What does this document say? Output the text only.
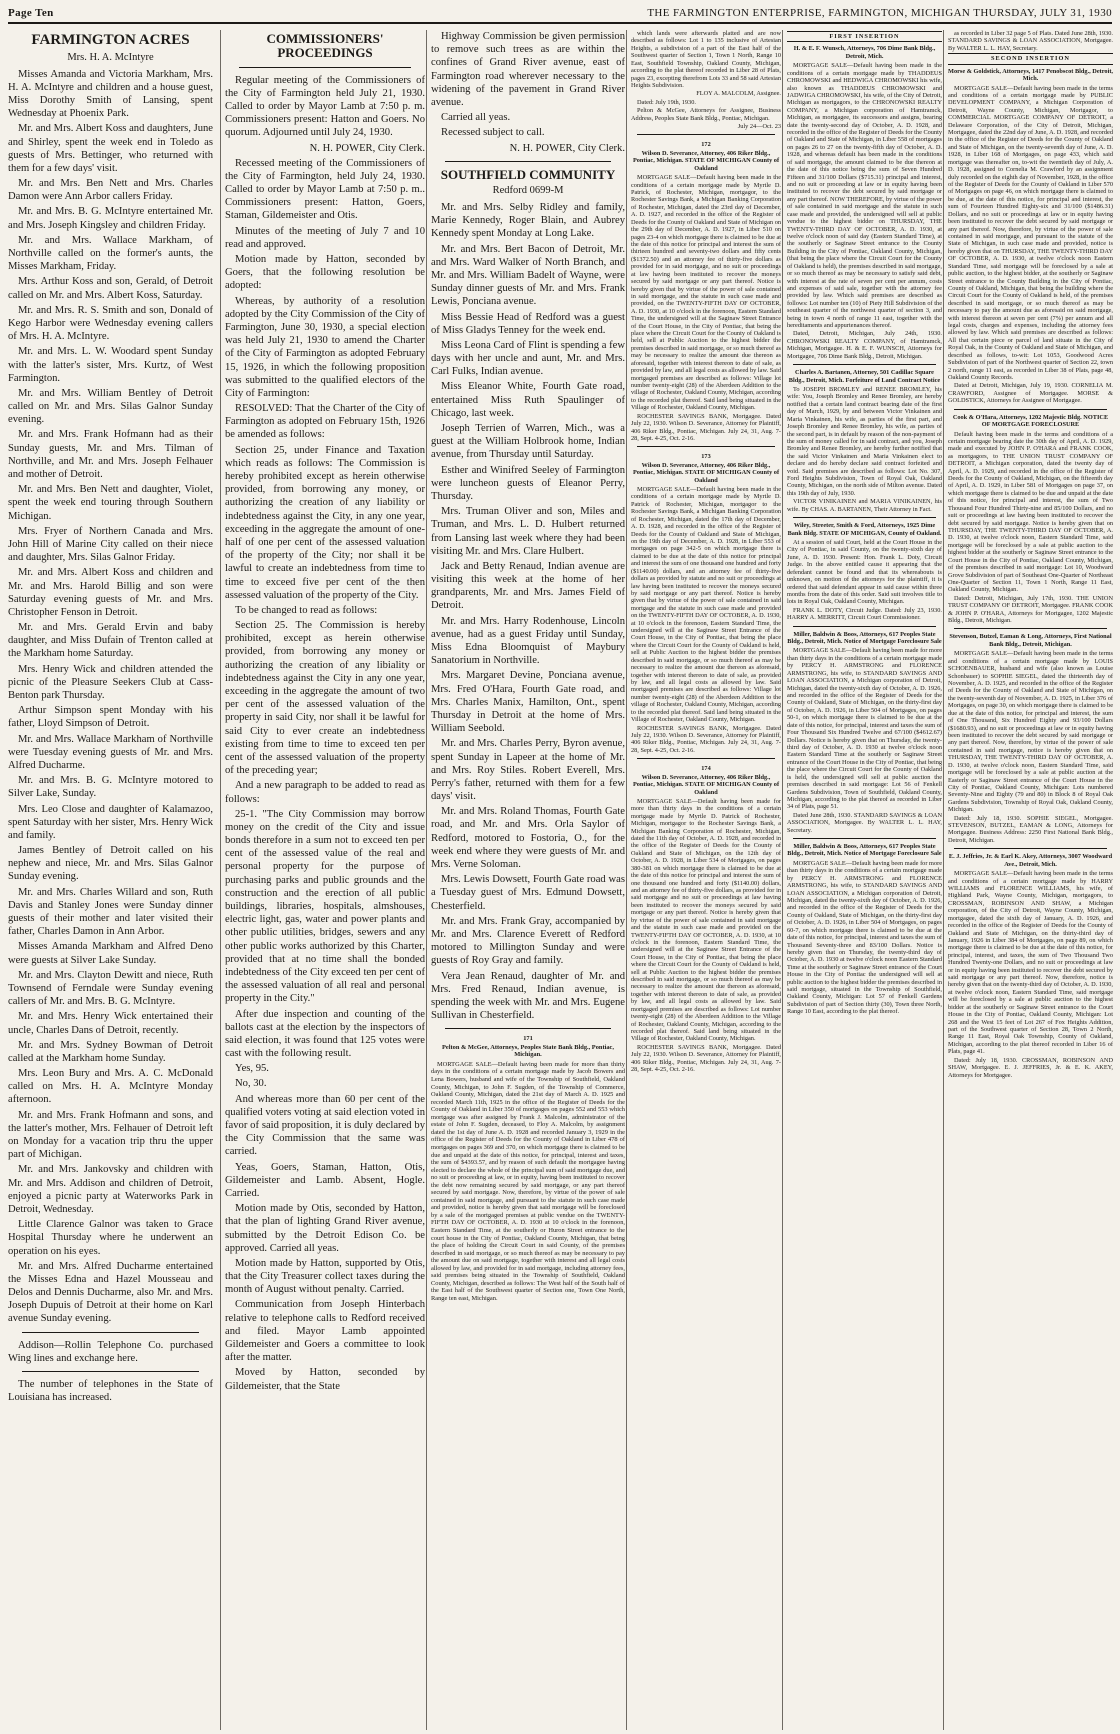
Page Ten	THE FARMINGTON ENTERPRISE, FARMINGTON, MICHIGAN THURSDAY, JULY 31, 1930
FARMINGTON ACRES
Mrs. H. A. McIntyre

Misses Amanda and Victoria Markham, Mrs. H. A. McIntyre and children and a house guest, Miss Dorothy Smith of Lansing, spent Wednesday at Phoenix Park.

Mr. and Mrs. Albert Koss and daughters, June and Shirley, spent the week end in Toledo as guests of Mrs. Bettinger, who returned with them for a few days' visit.

Mr. and Mrs. Ben Nett and Mrs. Charles Damon were Ann Arbor callers Friday.

Mr. and Mrs. B. G. McIntyre entertained Mr. and Mrs. Joseph Kingsley and children Friday.

Mr. and Mrs. Wallace Markham, of Northville called on the former's aunts, the Misses Markham, Friday.

Mrs. Arthur Koss and son, Gerald, of Detroit called on Mr. and Mrs. Albert Koss, Saturday.

Mr. and Mrs. R. S. Smith and son, Donald of Kego Harbor were Wednesday evening callers of Mrs. H. A. McIntyre.

Mr. and Mrs. L. W. Woodard spent Sunday with the latter's sister, Mrs. Kurtz, of West Farmington.

Mr. and Mrs. William Bentley of Detroit called on Mr. and Mrs. Silas Galnor Sunday evening.

Mr. and Mrs. Frank Hofmann had as their Sunday guests, Mr. and Mrs. Tilman of Northville, and Mr. and Mrs. Joseph Felhauer and mother of Detroit.

Mr. and Mrs. Ben Nett and daughter, Violet, spent the week end touring through Southern Michigan.

Mrs. Fryer of Northern Canada and Mrs. John Hill of Marine City called on their niece and daughter, Mrs. Silas Galnor Friday.

Mr. and Mrs. Albert Koss and children and Mr. and Mrs. Harold Billig and son were Saturday evening guests of Mr. and Mrs. Christopher Fenson in Detroit.

Mr. and Mrs. Gerald Ervin and baby daughter, and Miss Dufain of Trenton called at the Markham home Saturday.

Mrs. Henry Wick and children attended the picnic of the Pleasure Seekers Club at Cass-Benton park Thursday.

Arthur Simpson spent Monday with his father, Lloyd Simpson of Detroit.

Mr. and Mrs. Wallace Markham of Northville were Tuesday evening guests of Mr. and Mrs. Alfred Ducharme.

Mr. and Mrs. B. G. McIntyre motored to Silver Lake, Sunday.

Mrs. Leo Close and daughter of Kalamazoo, spent Saturday with her sister, Mrs. Henry Wick and family.

James Bentley of Detroit called on his nephew and niece, Mr. and Mrs. Silas Galnor Sunday evening.

Mr. and Mrs. Charles Willard and son, Ruth Davis and Stanley Jones were Sunday dinner guests of their mother and later visited their father, Charles Damon in Ann Arbor.

Misses Amanda Markham and Alfred Deno were guests at Silver Lake Sunday.

Mr. and Mrs. Clayton Dewitt and niece, Ruth Townsend of Ferndale were Sunday evening callers of Mr. and Mrs. B. G. McIntyre.

Mr. and Mrs. Henry Wick entertained their uncle, Charles Dans of Detroit, recently.

Mr. and Mrs. Sydney Bowman of Detroit called at the Markham home Sunday.

Mrs. Leon Bury and Mrs. A. C. McDonald called on Mrs. H. A. McIntyre Monday afternoon.

Mr. and Mrs. Frank Hofmann and sons, and the latter's mother, Mrs. Felhauer of Detroit left on Monday for a vacation trip thru the upper part of Michigan.

Mr. and Mrs. Jankovsky and children with Mr. and Mrs. Addison and children of Detroit, enjoyed a picnic party at Waterworks Park in Detroit, Wednesday.

Little Clarence Galnor was taken to Grace Hospital Thursday where he underwent an operation on his eyes.

Mr. and Mrs. Alfred Ducharme entertained the Misses Edna and Hazel Mousseau and Delos and Dennis Ducharme, also Mr. and Mrs. Joseph Dupuis of Detroit at their home on Karl avenue Sunday evening.

Addison—Rollin Telephone Co. purchased Wing lines and exchange here.

The number of telephones in the State of Louisiana has increased.

COMMISSIONERS' PROCEEDINGS

Regular meeting of the Commissioners of the City of Farmington held July 21, 1930. Called to order by Mayor Lamb at 7:50 p. m. Commissioners present: Hatton and Goers. No quorum. Adjourned until July 24, 1930.

N. H. POWER, City Clerk.

Recessed meeting of the Commissioners of the City of Farmington, held July 24, 1930. Called to order by Mayor Lamb at 7:50 p. m.. Commissioners present: Hatton, Goers, Staman, Gildemeister and Otis.

Minutes of the meeting of July 7 and 10 read and approved.

Motion made by Hatton, seconded by Goers, that the following resolution be adopted:

Whereas, by authority of a resolution adopted by the City Commission of the City of Farmington, June 30, 1930, a special election was held July 21, 1930 to amend the Charter of the City of Farmington as adopted February 15, 1926, in which the following proposition was submitted to the qualified electors of the City of Farmington:

RESOLVED: That the Charter of the City of Farmington as adopted on February 15th, 1926 be amended as follows:

Section 25, under Finance and Taxation which reads as follows: The Commission is hereby prohibited except as herein otherwise provided, from borrowing any money, or authorizing the creation of any liability or indebtedness against the City, in any one year, exceeding in the aggregate the amount of one-half of one per cent of the assessed valuation of the property of the City; nor shall it be lawful to create an indebtedness from time to time to exceed five per cent of the then assessed valuation of the property of the City.

To be changed to read as follows:

Section 25. The Commission is hereby prohibited, except as herein otherwise provided, from borrowing any money or authorizing the creation of any libiality or indebtedness against the City in any one year, exceeding in the aggregate the amount of two per cent of the assessed valuation of the property in said City, nor shall it be lawful for said City to ever create an indebtedness existing from time to time to exceed ten per cent of the assessed valuation of the property of the preceding year;

And a new paragraph to be added to read as follows:

25-1. "The City Commission may borrow money on the credit of the City and issue bonds therefore in a sum not to exceed ten per cent of the assessed value of the real and personal property for the purpose of purchasing parks and public grounds and the construction and the erection of all public buildings, libraries, hospitals, almshouses, electric light, gas, water and power plants and other public utilities, bridges, sewers and any other public works authorized by this Charter, provided that at no time shall the bonded indebtedness of the City exceed ten per cent of the assessed valuation of all real and personal property in the City."

After due inspection and counting of the ballots cast at the election by the inspectors of said election, it was found that 125 votes were cast with the following result.

Yes, 95.

No, 30.

And whereas more than 60 per cent of the qualified voters voting at said election voted in favor of said proposition, it is duly declared by the City Commission that the same was carried.

Yeas, Goers, Staman, Hatton, Otis, Gildemeister and Lamb. Absent, Hogle. Carried.

Motion made by Otis, seconded by Hatton, that the plan of lighting Grand River avenue, submitted by the Detroit Edison Co. be approved. Carried all yeas.

Motion made by Hatton, supported by Otis, that the City Treasurer collect taxes during the month of August without penalty. Carried.

Communication from Joseph Hinterbach relative to telephone calls to Redford received and filed. Mayor Lamb appointed Gildemeister and Goers a committee to look after the matter.

Moved by Hatton, seconded by Gildemeister, that the State

Highway Commission be given permission to remove such trees as are within the confines of Grand River avenue, east of Farmington road wherever necessary to the widening of the pavement in Grand River avenue.

Carried all yeas.

Recessed subject to call.

N. H. POWER, City Clerk.

SOUTHFIELD COMMUNITY
Redford 0699-M

Mr. and Mrs. Selby Ridley and family, Marie Kennedy, Roger Blain, and Aubrey Kennedy spent Monday at Long Lake.

Mr. and Mrs. Bert Bacon of Detroit, Mr. and Mrs. Ward Walker of North Branch, and Mr. and Mrs. William Badelt of Wayne, were Sunday dinner guests of Mr. and Mrs. Frank Lewis, Ponciana avenue.

Miss Bessie Head of Redford was a guest of Miss Gladys Tenney for the week end.

Miss Leona Card of Flint is spending a few days with her uncle and aunt, Mr. and Mrs. Carl Fulks, Indian avenue.

Miss Eleanor White, Fourth Gate road, entertained Miss Ruth Spaulinger of Chicago, last week.

Joseph Terrien of Warren, Mich., was a guest at the William Holbrook home, Indian avenue, from Thursday until Saturday.

Esther and Winifred Seeley of Farmington were luncheon guests of Eleanor Perry, Thursday.

Mrs. Truman Oliver and son, Miles and Truman, and Mrs. L. D. Hulbert returned from Lansing last week where they had been visiting Mr. and Mrs. Clare Hulbert.

Jack and Betty Renaud, Indian avenue are visiting this week at the home of her grandparents, Mr. and Mrs. James Field of Detroit.

Mr. and Mrs. Harry Rodenhouse, Lincoln avenue, had as a guest Friday until Sunday, Miss Edna Bloomquist of Maybury Sanatorium in Northville.

Mrs. Margaret Devine, Ponciana avenue, Mrs. Fred O'Hara, Fourth Gate road, and Mrs. Charles Manix, Hamilton, Ont., spent Thursday in Detroit at the home of Mrs. William Seebold.

Mr. and Mrs. Charles Perry, Byron avenue, spent Sunday in Lapeer at the home of Mr. and Mrs. Roy Stiles. Robert Everell, Mrs. Perry's father, returned with them for a few days' visit.

Mr. and Mrs. Roland Thomas, Fourth Gate road, and Mr. and Mrs. Orla Saylor of Redford, motored to Fostoria, O., for the week end where they were guests of Mr. and Mrs. Verne Soloman.

Mrs. Lewis Dowsett, Fourth Gate road was a Tuesday guest of Mrs. Edmund Dowsett, Chesterfield.

Mr. and Mrs. Frank Gray, accompanied by Mr. and Mrs. Clarence Everett of Redford motored to Millington Sunday and were guests of Roy Gray and family.

Vera Jean Renaud, daughter of Mr. and Mrs. Fred Renaud, Indian avenue, is spending the week with Mr. and Mrs. Eugene Sullivan in Chesterfield.

171
Pelton & McGee, Attorneys, Peoples State Bank Bldg., Pontiac, Michigan.

MORTGAGE SALE—Default having been made for more than thirty days in the conditions of a certain mortgage made by Jacob Bowers and Lena Bowers, husband and wife of the Township of Southfield, Oakland County, Michigan, to John F. Sugden, of the Township of Commerce, Oakland County, Michigan, dated the 21st day of March A. D. 1925 and recorded March 11th, 1925 in the office of the Register of Deeds for the County of Oakland in Liber 350 of mortgages on pages 552 and 553 which mortgage was after assigned by Frank J. Malcolm, administrator of the estate of John F. Sugden, deceased, to Floy A. Malcolm, by assignment dated the 1st day of June A. D. 1928 and recorded January 3, 1929 in the office of the Register of Deeds for the County of Oakland in Liber 478 of mortgages on pages 369 and 370, on which mortgage there is claimed to be due and unpaid at the date of this notice, for principal, interest and taxes, the sum of $4393.57, and by reason of such default the mortgagee having elected to declare the whole of the principal sum of said mortgage due, and no suit or proceeding at law, or in equity, having been instituted to recover the debt now remaining secured by said mortgage, or any part thereof secured by said mortgage. Now, therefore, by virtue of the power of sale contained in said mortgage, and pursuant to the statute in such case made and provided, notice is hereby given that said mortgage will be foreclosed by a sale of the mortgaged premises at public vendue on the TWENTY-FIFTH DAY OF OCTOBER, A. D. 1930 at 10 o'clock in the forenoon, Eastern Standard Time, at the southerly or Huron Street entrance to the court house in the City of Pontiac, Oakland County, Michigan, that being the place of holding the Circuit Court in said County, of the premises described in said mortgage, or so much thereof as may be necessary to pay the amount due on said mortgage, together with interest and all legal costs allowed by law, and provided for in said mortgage, including attorney fees, said premises being situated in the Township of Southfield, Oakland County, Michigan, described as follows: The West half of the South half of the East half of the Southwest quarter of Section one, Town One North, Range ten east, Michigan.

which lands were afterwards platted and are now described as follows: Lot 1 to 135 inclusive of Artesian Heights, a subdivision of a part of the East half of the Southwest quarter of Section 1, Town 1 North, Range 10 East, Southfield Township, Oakland County, Michigan, according to the plat thereof recorded in Liber 28 of Plats, pages 23, excepting therefrom Lots 33 and 58 said Artesian Heights Subdivision.

FLOY A. MALCOLM, Assignee.

Dated: July 19th, 1930.

Pelton & McGee, Attorneys for Assignee, Business Address, Peoples State Bank Bldg., Pontiac, Michigan.

July 24—Oct. 23

172
Wilson D. Severance, Attorney, 406 Riker Bldg., Pontiac, Michigan. STATE OF MICHIGAN County of Oakland

MORTGAGE SALE—Default having been made in the conditions of a certain mortgage made by Myrtle D. Patrick, of Rochester, Michigan, mortgagor, to the Rochester Savings Bank, a Michigan Banking Corporation of Rochester, Michigan, dated the 23rd day of December, A. D. 1927, and recorded in the office of the Register of Deeds for the County of Oakland and State of Michigan on the 29th day of December, A. D. 1927, in Liber 510 on pages 23-4 on which mortgage there is claimed to be due at the date of this notice for principal and interest the sum of thirteen hundred and seventy-two dollars and fifty cents ($1372.50) and an attorney fee of thirty-five dollars as provided for in said mortgage, and no suit or proceedings at law having been instituted to recover the moneys secured by said mortgage or any part thereof. Notice is hereby given that by virtue of the power of sale contained in said mortgage, and the statute in such case made and provided, on the TWENTY-FIFTH DAY OF OCTOBER, A. D. 1930, at 10 o'clock in the forenoon, Eastern Standard Time, the undersigned will at the Saginaw Street Entrance of the Court House, in the City of Pontiac, that being the place where the Circuit Court for the County of Oakland is held, sell at Public Auction to the highest bidder the premises described in said mortgage, or so much thereof as may be necessary to realize the amount due thereon as aforesaid, together with interest thereon to date of sale, as provided by law, and all legal costs as allowed by law. Said mortgaged premises are described as follows: Village lot number twenty-eight (28) of the Aberdeen Addition to the village of Rochester, Oakland County, Michigan, according to the recorded plat thereof. Said land being situated in the Village of Rochester, Oakland County, Michigan.

ROCHESTER SAVINGS BANK, Mortgagee. Dated July 22, 1930. Wilson D. Severance, Attorney for Plaintiff, 406 Riker Bldg., Pontiac, Michigan. July 24, 31, Aug. 7-28, Sept. 4-25, Oct. 2-16.

173
Wilson D. Severance, Attorney, 406 Riker Bldg., Pontiac, Michigan. STATE OF MICHIGAN County of Oakland

MORTGAGE SALE—Default having been made in the conditions of a certain mortgage made by Myrtle D. Patrick of Rochester, Michigan, mortgagor to the Rochester Savings Bank, a Michigan Banking Corporation of Rochester, Michigan, dated the 17th day of December, A. D. 1928, and recorded in the office of the Register of Deeds for the County of Oakland and State of Michigan, on the 19th day of December, A. D. 1928, in Liber 553 of mortgages on page 342-5 on which mortgage there is claimed to be due at the date of this notice for principal and interest the sum of one thousand one hundred and forty ($1140.00) dollars, and an attorney fee of thirty-five dollars as provided by statute and no suit or proceedings at law having been instituted to recover the moneys secured by said mortgage or any part thereof. Notice is hereby given that by virtue of the power of sale contained in said mortgage and the statute in such case made and provided on the TWENTY-FIFTH DAY OF OCTOBER, A. D. 1930, at 10 o'clock in the forenoon, Eastern Standard Time, the undersigned will at the Saginaw Street Entrance of the Court House, in the City of Pontiac, that being the place where the Circuit Court for the County of Oakland is held, sell at Public Auction to the highest bidder the premises described in said mortgage, or so much thereof as may be necessary to realize the amount due thereon as aforesaid, together with interest thereon to date of sale, as provided by law, and all legal costs as allowed by law. Said mortgaged premises are described as follows: Village lot number twenty-eight (28) of the Aberdeen Addition to the village of Rochester, Oakland County, Michigan, according to the recorded plat thereof. Said land being situated in the Village of Rochester, Oakland County, Michigan.

ROCHESTER SAVINGS BANK, Mortgagee. Dated July 22, 1930. Wilson D. Severance, Attorney for Plaintiff, 406 Riker Bldg., Pontiac, Michigan. July 24, 31, Aug. 7-28, Sept. 4-25, Oct. 2-16.

174
Wilson D. Severance, Attorney, 406 Riker Bldg., Pontiac, Michigan. STATE OF MICHIGAN County of Oakland

MORTGAGE SALE—Default having been made for more than thirty days in the conditions of a certain mortgage made by Myrtle D. Patrick of Rochester, Michigan, mortgagor to the Rochester Savings Bank, a Michigan Banking Corporation of Rochester, Michigan, dated the 11th day of October, A. D. 1928, and recorded in the office of the Register of Deeds for the County of Oakland and State of Michigan, on the 12th day of October, A. D. 1928, in Liber 534 of Mortgages, on pages 380-381 on which mortgage there is claimed to be due at the date of this notice for principal and interest the sum of one thousand one hundred and forty ($1140.00) dollars, and an attorney fee of thirty-five dollars, as provided for in said mortgage and no suit or proceedings at law having been instituted to recover the moneys secured by said mortgage or any part thereof. Notice is hereby given that by virtue of the power of sale contained in said mortgage and the statute in such case made and provided on the TWENTY-FIFTH DAY OF OCTOBER, A. D. 1930, at 10 o'clock in the forenoon, Eastern Standard Time, the undersigned will at the Saginaw Street Entrance of the Court House, in the City of Pontiac, that being the place where the Circuit Court for the County of Oakland is held, sell at Public Auction to the highest bidder the premises described in said mortgage, or so much thereof as may be necessary to realize the amount due thereon as aforesaid, together with interest thereon to date of sale, as provided by law, and all legal costs as allowed by law. Said mortgaged premises are described as follows: Lot number twenty-eight (28) of the Aberdeen Addition to the Village of Rochester, Oakland County, Michigan, according to the recorded plat thereof. Said land being situated in the Village of Rochester, Oakland County, Michigan.

ROCHESTER SAVINGS BANK, Mortgagee. Dated July 22, 1930. Wilson D. Severance, Attorney for Plaintiff, 406 Riker Bldg., Pontiac, Michigan. July 24, 31, Aug. 7-28, Sept. 4-25, Oct. 2-16.

FIRST INSERTION
H. & E. F. Wunsch, Attorneys, 706 Dime Bank Bldg., Detroit, Mich.

MORTGAGE SALE—Default having been made in the conditions of a certain mortgage made by THADDEUS CHROMOWSKI and HEDWIGA CHROMOWSKI his wife, also known as THADDEUS CHROMOWSKI and JADWIGA CHROMOWSKI, his wife, of the City of Detroit, Michigan as mortgagors, to the CHRONOWSKI REALTY COMPANY, a Michigan corporation of Hamtramck, Michigan, as mortgagee, its successors and assigns, bearing date the twenty-second day of October, A. D. 1928, and recorded in the office of the Register of Deeds for the County of Oakland and State of Michigan, in Liber 558 of mortgages on pages 26 to 27 on the twenty-fifth day of October, A. D. 1928, and whereas default has been made in the conditions of said mortgage, the amount claimed to be due thereon at the date of this notice being the sum of Seven Hundred Fifteen and 31/100 Dollars ($715.31) principal and interest, and no suit or proceeding at law or in equity having been instituted to recover the debt secured by said mortgage or any part thereof. NOW THEREFORE, by virtue of the power of sale contained in said mortgage and the statute in such case made and provided, the undersigned will sell at public vendue to the highest bidder on THURSDAY, THE TWENTY-THIRD DAY OF OCTOBER, A. D. 1930, at twelve o'clock noon of said day (Eastern Standard Time), at the southerly or Saginaw Street entrance to the County Building in the City of Pontiac, Oakland County, Michigan, (that being the place where the Circuit Court for the County of Oakland is held), the premises described in said mortgage, or so much thereof as may be necessary to satisfy said debt, with interest at the rate of seven per cent per annum, costs and expenses of said sale, together with the attorney fee provided by law. Which said premises are described as follows: Lot number ten (10) of Piety Hill Subdivision of the southeast quarter of the northwest quarter of section 3, and being in town 4 north of range 11 east, together with the hereditaments and appurtenances thereof.

Dated, Detroit, Michigan, July 24th, 1930. CHRONOWSKI REALTY COMPANY, of Hamtramck, Michigan, Mortgagee. H. & E. F. WUNSCH, Attorneys for Mortgagee, 706 Dime Bank Bldg., Detroit, Michigan.

Charles A. Bartanen, Attorney, 501 Cadillac Square Bldg., Detroit, Mich. Forfeiture of Land Contract Notice

To JOSEPH BROMLEY and RENEE BROMLEY, his wife: You, Joseph Bromley and Renee Bromley, are hereby notified that a certain land contract bearing date of the first day of March, 1929, by and between Victor Vinkainen and Maria Vinkainen, his wife, as parties of the first part, and Joseph Bromley and Renee Bromley, his wife, as parties of the second part, is in default by reason of the non-payment of the sum of money called for in said contract, and you, Joseph Bromley and Renee Bromley, are hereby further notified that the said Victor Vinkainen and Maria Vinkainen elect to declare and do hereby declare said contract forfeited and void. Said premises are described as follows: Lot No. 307, Ford Heights Subdivision, Town of Royal Oak, Oakland County, Michigan, on the north side of Milton avenue. Dated this 19th day of July, 1930.

VICTOR VINIKAINEN and MARIA VINIKAINEN, his wife. By CHAS. A. BARTANEN, Their Attorney in Fact.

Wiley, Streeter, Smith & Ford, Attorneys, 1925 Dime Bank Bldg. STATE OF MICHIGAN, County of Oakland.

At a session of said Court, held at the Court House in the City of Pontiac, in said County, on the twenty-sixth day of June, A. D. 1930. Present: Hon. Frank L. Doty, Circuit Judge. In the above entitled cause it appearing that the defendant cannot be found and that its whereabouts is unknown, on motion of the attorneys for the plaintiff, it is ordered that said defendant appear in said cause within three months from the date of this order. Said suit involves title to lots in Royal Oak, Oakland County, Michigan.

FRANK L. DOTY, Circuit Judge. Dated: July 23, 1930. HARRY A. MERRITT, Circuit Court Commissioner.

Miller, Baldwin & Boos, Attorneys, 617 Peoples State Bldg., Detroit, Mich. Notice of Mortgage Foreclosure Sale

MORTGAGE SALE—Default having been made for more than thirty days in the conditions of a certain mortgage made by PERCY H. ARMSTRONG and FLORENCE ARMSTRONG, his wife, to STANDARD SAVINGS AND LOAN ASSOCIATION, a Michigan corporation of Detroit, Michigan, dated the twenty-sixth day of October, A. D. 1926, and recorded in the office of the Register of Deeds for the County of Oakland, State of Michigan, on the thirty-first day of October, A. D. 1926, in Liber 504 of Mortgages, on pages 50-1, on which mortgage there is claimed to be due at the date of this notice, for principal, interest and taxes the sum of Four Thousand Six Hundred Twelve and 67/100 ($4612.67) Dollars. Notice is hereby given that on Thursday, the twenty-third day of October, A. D. 1930 at twelve o'clock noon Eastern Standard Time at the southerly or Saginaw Street entrance of the Court House in the City of Pontiac, that being the place where the Circuit Court for the County of Oakland is held, the undersigned will sell at public auction the premises described in said mortgage: Lot 56 of Fenkell Gardens Subdivision, Town of Southfield, Oakland County, Michigan, according to the plat thereof as recorded in Liber 34 of Plats, page 51.

Dated June 28th, 1930. STANDARD SAVINGS & LOAN ASSOCIATION, Mortgagee. By WALTER L. L. HAY, Secretary.

Miller, Baldwin & Boos, Attorneys, 617 Peoples State Bldg., Detroit, Mich. Notice of Mortgage Foreclosure Sale

MORTGAGE SALE—Default having been made for more than thirty days in the conditions of a certain mortgage made by PERCY H. ARMSTRONG and FLORENCE ARMSTRONG, his wife, to STANDARD SAVINGS AND LOAN ASSOCIATION, a Michigan corporation of Detroit, Michigan, dated the twenty-sixth day of October, A. D. 1926, and recorded in the office of the Register of Deeds for the County of Oakland, State of Michigan, on the thirty-first day of October, A. D. 1926, in Liber 504 of Mortgages, on pages 60-7, on which mortgage there is claimed to be due at the date of this notice, for principal, interest and taxes the sum of Thousand Seventy-three and 83/100 Dollars. Notice is hereby given that on Thursday, the twenty-third day of October, A. D. 1930 at twelve o'clock noon Eastern Standard Time at the southerly or Saginaw Street entrance of the Court House in the City of Pontiac the undersigned will sell at public auction to the highest bidder the premises described in said mortgage, situated in the Township of Southfield, Oakland County, Michigan: Lot 57 of Fenkell Gardens Subdivision of part of Section thirty (30), Town three North, Range 10 East, according to the plat thereof.

as recorded in Liber 32 page 5 of Plats. Dated June 28th, 1930. STANDARD SAVINGS & LOAN ASSOCIATION, Mortgagee. By WALTER L. L. HAY, Secretary.

SECOND INSERTION
Morse & Goldstick, Attorneys, 1417 Penobscot Bldg., Detroit, Mich.

MORTGAGE SALE—Default having been made in the terms and conditions of a certain mortgage made by PUBLIC DEVELOPMENT COMPANY, a Michigan Corporation of Detroit, Wayne County, Michigan, Mortgagor, to COMMERCIAL MORTGAGE COMPANY OF DETROIT, a Delaware Corporation, of the City of Detroit, Michigan, Mortgagee, dated the 22nd day of June, A. D. 1928, and recorded in the office of the Register of Deeds for the County of Oakland and State of Michigan, on the twenty-seventh day of June, A. D. 1928, in Liber 168 of Mortgages, on page 433, which said mortgage was thereafter on, to-wit the twentieth day of July, A. D. 1928, assigned to Cornelia M. Crawford by an assignment duly recorded on the eighth day of November, 1928, in the office of the Register of Deeds for the County of Oakland in Liber 570 of Mortgages on page 46, on which mortgage there is claimed to be due, at the date of this notice, for principal and interest, the sum of Fourteen Hundred Eighty-six and 31/100 ($1486.31) Dollars, and no suit or proceedings at law or in equity having been instituted to recover the debt secured by said mortgage or any part thereof. Now, therefore, by virtue of the power of sale contained in said mortgage, and pursuant to the statute of the State of Michigan, in such case made and provided, notice is hereby given that on THURSDAY, THE TWENTY-THIRD DAY OF OCTOBER, A. D. 1930, at twelve o'clock noon Eastern Standard Time, said mortgage will be foreclosed by a sale at public auction, to the highest bidder, at the southerly or Saginaw Street entrance to the County Building in the City of Pontiac, County of Oakland, Michigan, that being the building where the Circuit Court for the County of Oakland is held, of the premises described in said mortgage, or so much thereof as may be necessary to pay the amount due as aforesaid on said mortgage, with interest thereon at seven per cent (7%) per annum and all legal costs, charges and expenses, including the attorney fees allowed by law. Which said premises are described as follows: All that certain piece or parcel of land situate in the City of Royal Oak, in the County of Oakland and State of Michigan, and described as follows, to-wit: Lot 1053, Goodwood Acres Subdivision of part of the Northwest quarter of Section 22, town 2 north, range 11 east, as recorded in Liber 38 of Plats, page 48, Oakland County Records.

Dated at Detroit, Michigan, July 19, 1930. CORNELIA M. CRAWFORD, Assignee of Mortgagee. MORSE & GOLDSTICK, Attorneys for Assignee of Mortgagee.

Cook & O'Hara, Attorneys, 1202 Majestic Bldg. NOTICE OF MORTGAGE FORECLOSURE

Default having been made in the terms and conditions of a certain mortgage bearing date the 30th day of April, A. D. 1929, made and executed by JOHN P. O'HARA and FRANK COOK, as mortgagors, to THE UNION TRUST COMPANY OF DETROIT, a Michigan corporation, dated the twenty day of April, A. D. 1929, and recorded in the office of the Register of Deeds for the County of Oakland, Michigan, on the fifteenth day of April, A. D. 1929, in Liber 581 of Mortgages on page 37, on which mortgage there is claimed to be due and unpaid at the date of this notice, for principal and interest, the sum of Two Thousand Four Hundred Thirty-nine and 85/100 Dollars, and no suit or proceedings at law having been instituted to recover the debt secured by said mortgage. Notice is hereby given that on THURSDAY, THE TWENTY-THIRD DAY OF OCTOBER, A. D. 1930, at twelve o'clock noon, Eastern Standard Time, said mortgage will be foreclosed by a sale at public auction to the highest bidder at the southerly or Saginaw Street entrance to the Court House in the City of Pontiac, Oakland County, Michigan, of the premises described in said mortgage: Lot 10, Woodward Grove Subdivision of part of Southeast One-Quarter of Northeast One-Quarter of Section 11, Town 1 North, Range 11 East, Oakland County, Michigan.

Dated: Detroit, Michigan, July 17th, 1930. THE UNION TRUST COMPANY OF DETROIT, Mortgagee. FRANK COOK & JOHN P. O'HARA, Attorneys for Mortgagee, 1202 Majestic Bldg., Detroit, Michigan.

Stevenson, Butzel, Eaman & Long, Attorneys, First National Bank Bldg., Detroit, Michigan.

MORTGAGE SALE—Default having been made in the terms and conditions of a certain mortgage made by LOUIS SCHOENBAUER, husband and wife (also known as Louise Schonbauer) to SOPHIE SIEGEL, dated the thirteenth day of November, A. D. 1925, and recorded in the office of the Register of Deeds for the County of Oakland and State of Michigan, on the twenty-seventh day of November, A. D. 1925, in Liber 376 of Mortgages, on page 30, on which mortgage there is claimed to be due at the date of this notice, for principal and interest, the sum of One Thousand, Six Hundred Eighty and 93/100 Dollars ($1680.93), and no suit or proceedings at law or in equity having been instituted to recover the debt secured by said mortgage or any part thereof. Now, therefore, by virtue of the power of sale contained in said mortgage, notice is hereby given that on THURSDAY, THE TWENTY-THIRD DAY OF OCTOBER, A. D. 1930, at twelve o'clock noon, Eastern Standard Time, said mortgage will be foreclosed by a sale at public auction at the Easterly or Saginaw Street entrance of the Court House in the City of Pontiac, Oakland County, Michigan: Lots numbered Seventy-Nine and Eighty (79 and 80) in Block 8 of Royal Oak Gardens Subdivision, Township of Royal Oak, Oakland County, Michigan.

Dated: July 18, 1930. SOPHIE SIEGEL, Mortgagee. STEVENSON, BUTZEL, EAMAN & LONG, Attorneys for Mortgagee. Business Address: 2250 First National Bank Bldg., Detroit, Michigan.

E. J. Jeffries, Jr. & Earl K. Akey, Attorneys, 3007 Woodward Ave., Detroit, Mich.

MORTGAGE SALE—Default having been made in the terms and conditions of a certain mortgage made by HARRY WILLIAMS and FLORENCE WILLIAMS, his wife, of Highland Park, Wayne County, Michigan, mortgagors, to CROSSMAN, ROBINSON AND SHAW, a Michigan corporation, of the City of Detroit, Wayne County, Michigan, mortgagee, dated the sixth day of January, A. D. 1926, and recorded in the office of the Register of Deeds for the County of Oakland and State of Michigan, on the thirty-third day of January, 1926 in Liber 384 of Mortgages, on page 89, on which mortgage there is claimed to be due at the date of this notice, for principal, interest, and taxes, the sum of Two Thousand Two Hundred Twenty-one Dollars, and no suit or proceedings at law or in equity having been instituted to recover the debt secured by said mortgage or any part thereof. Now, therefore, notice is hereby given that on the twenty-third day of October, A. D. 1930, at twelve o'clock noon, Eastern Standard Time, said mortgage will be foreclosed by a sale at public auction to the highest bidder at the southerly or Saginaw Street entrance to the Court House in the City of Pontiac, Oakland County, Michigan: Lot 268 and the West 15 feet of Lot 267 of Fox Heights Addition, part of the Southwest quarter of Section 28, Town 2 North, Range 11 East, Royal Oak Township, County of Oakland, Michigan, according to the plat thereof recorded in Liber 16 of Plats, page 41.

Dated: July 18, 1930. CROSSMAN, ROBINSON AND SHAW, Mortgagee. E. J. JEFFRIES, Jr. & E. K. AKEY, Attorneys for Mortgagee.
